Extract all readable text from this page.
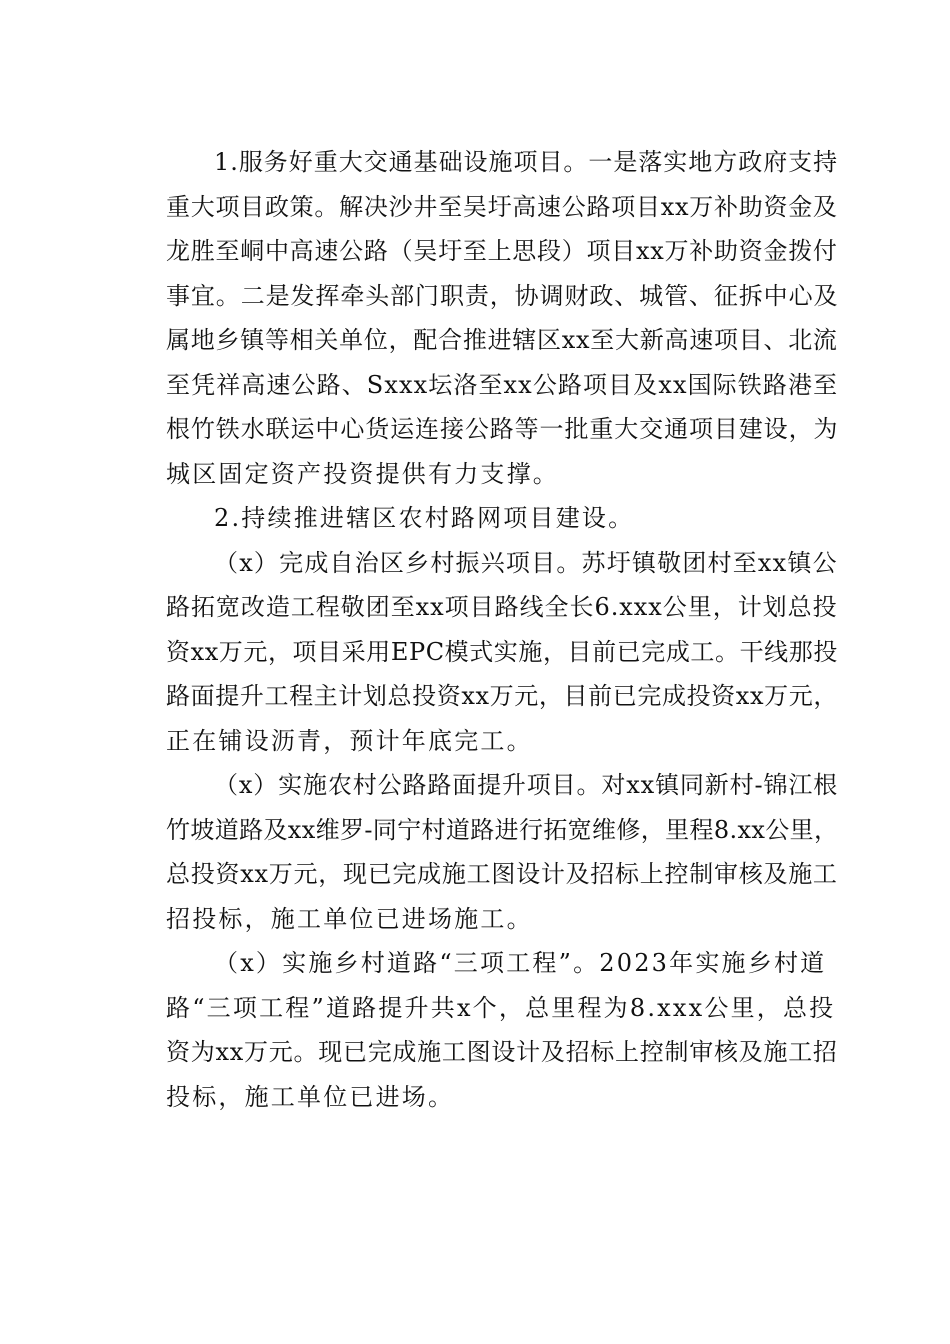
1.服务好重大交通基础设施项目。一是落实地方政府支持
重大项目政策。解决沙井至吴圩高速公路项目xx万补助资金及
龙胜至峒中高速公路（吴圩至上思段）项目xx万补助资金拨付
事宜。二是发挥牵头部门职责，协调财政、城管、征拆中心及
属地乡镇等相关单位，配合推进辖区xx至大新高速项目、北流
至凭祥高速公路、Sxxx坛洛至xx公路项目及xx国际铁路港至
根竹铁水联运中心货运连接公路等一批重大交通项目建设，为
城区固定资产投资提供有力支撑。
2.持续推进辖区农村路网项目建设。
（x）完成自治区乡村振兴项目。苏圩镇敬团村至xx镇公
路拓宽改造工程敬团至xx项目路线全长6.xxx公里，计划总投
资xx万元，项目采用EPC模式实施，目前已完成工。干线那投
路面提升工程主计划总投资xx万元，目前已完成投资xx万元，
正在铺设沥青，预计年底完工。
（x）实施农村公路路面提升项目。对xx镇同新村-锦江根
竹坡道路及xx维罗-同宁村道路进行拓宽维修，里程8.xx公里，
总投资xx万元，现已完成施工图设计及招标上控制审核及施工
招投标，施工单位已进场施工。
（x）实施乡村道路“三项工程”。2023年实施乡村道
路“三项工程”道路提升共x个，总里程为8.xxx公里，总投
资为xx万元。现已完成施工图设计及招标上控制审核及施工招
投标，施工单位已进场。
